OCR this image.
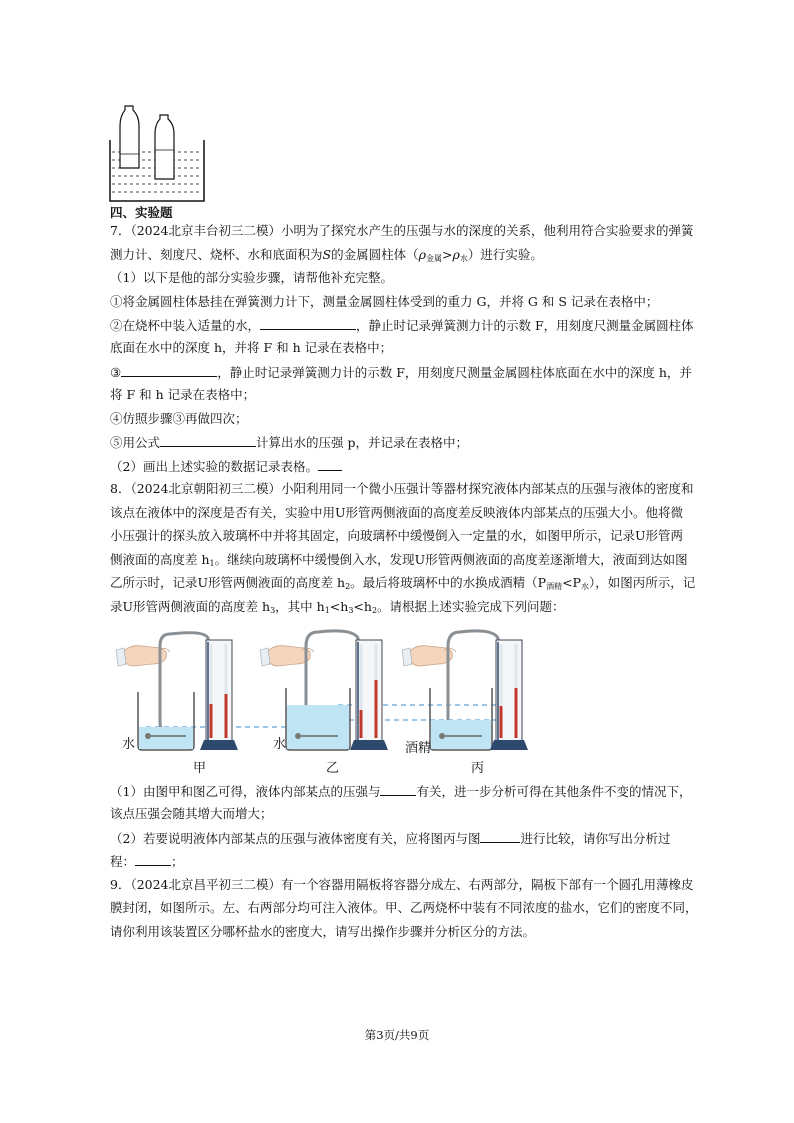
四、实验题
7．（2024北京丰台初三二模）小明为了探究水产生的压强与水的深度的关系，他利用符合实验要求的弹簧
测力计、刻度尺、烧杯、水和底面积为S的金属圆柱体$(\rho_{金属}>\rho_水)$进行实验。
（1）以下是他的部分实验步骤，请帮他补充完整。
①将金属圆柱体悬挂在弹簧测力计下，测量金属圆柱体受到的重力 G，并将 G 和 S 记录在表格中；
②在烧杯中装入适量的水，	，静止时记录弹簧测力计的示数 F，用刻度尺测量金属圆柱体
底面在水中的深度 h，并将 F 和 h 记录在表格中；
③	，静止时记录弹簧测力计的示数 F，用刻度尺测量金属圆柱体底面在水中的深度 h，并
将 F 和 h 记录在表格中；
④仿照步骤③再做四次；
⑤用公式	计算出水的压强 p，并记录在表格中；
（2）画出上述实验的数据记录表格。
8．（2024北京朝阳初三二模）小阳利用同一个微小压强计等器材探究液体内部某点的压强与液体的密度和
该点在液体中的深度是否有关，实验中用U形管两侧液面的高度差反映液体内部某点的压强大小。他将微
小压强计的探头放入玻璃杯中并将其固定，向玻璃杯中缓慢倒入一定量的水，如图甲所示，记录U形管两
侧液面的高度差 $h_1$。继续向玻璃杯中缓慢倒入水，发现U形管两侧液面的高度差逐渐增大，液面到达如图
乙所示时，记录U形管两侧液面的高度差 $h_2$。最后将玻璃杯中的水换成酒精$(P_{酒精}<P_水)$，如图丙所示，记
录U形管两侧液面的高度差 $h_3$，其中 $h_1<h_3<h_2$。请根据上述实验完成下列问题：
水	水	酒精
甲	乙	丙
（1）由图甲和图乙可得，液体内部某点的压强与	有关，进一步分析可得在其他条件不变的情况下，
该点压强会随其增大而增大；
（2）若要说明液体内部某点的压强与液体密度有关，应将图丙与图	进行比较，请你写出分析过
程：	；
9．（2024北京昌平初三二模）有一个容器用隔板将容器分成左、右两部分，隔板下部有一个圆孔用薄橡皮
膜封闭，如图所示。左、右两部分均可注入液体。甲、乙两烧杯中装有不同浓度的盐水，它们的密度不同，
请你利用该装置区分哪杯盐水的密度大，请写出操作步骤并分析区分的方法。
第3页/共9页
